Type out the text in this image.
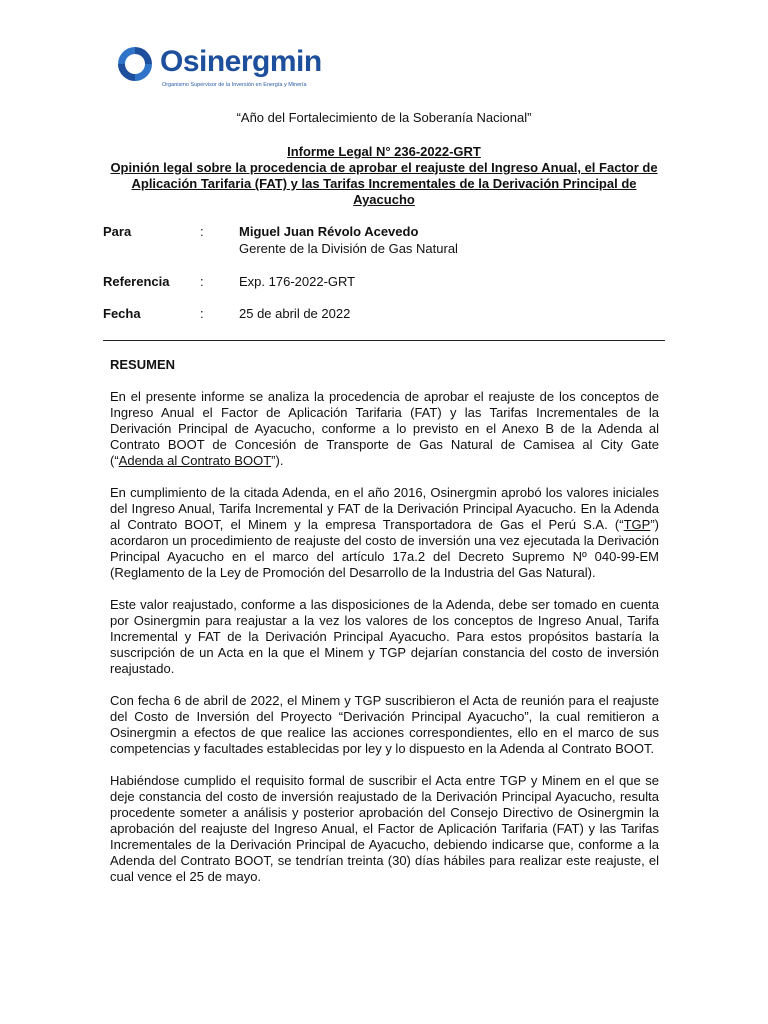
Osinergmin
Organismo Supervisor de la Inversión en Energía y Minería
“Año del Fortalecimiento de la Soberanía Nacional”
Informe Legal N° 236-2022-GRT
Opinión legal sobre la procedencia de aprobar el reajuste del Ingreso Anual, el Factor de
Aplicación Tarifaria (FAT) y las Tarifas Incrementales de la Derivación Principal de Ayacucho
Para	:	Miguel Juan Révolo Acevedo
Gerente de la División de Gas Natural
Referencia :	Exp. 176-2022-GRT
Fecha	:	25 de abril de 2022
RESUMEN

En el presente informe se analiza la procedencia de aprobar el reajuste de los conceptos de Ingreso Anual el Factor de Aplicación Tarifaria (FAT) y las Tarifas Incrementales de la Derivación Principal de Ayacucho, conforme a lo previsto en el Anexo B de la Adenda al Contrato BOOT de Concesión de Transporte de Gas Natural de Camisea al City Gate (“Adenda al Contrato BOOT”).

En cumplimiento de la citada Adenda, en el año 2016, Osinergmin aprobó los valores iniciales del Ingreso Anual, Tarifa Incremental y FAT de la Derivación Principal Ayacucho. En la Adenda al Contrato BOOT, el Minem y la empresa Transportadora de Gas el Perú S.A. (“TGP”) acordaron un procedimiento de reajuste del costo de inversión una vez ejecutada la Derivación Principal Ayacucho en el marco del artículo 17a.2 del Decreto Supremo Nº 040-99-EM (Reglamento de la Ley de Promoción del Desarrollo de la Industria del Gas Natural).

Este valor reajustado, conforme a las disposiciones de la Adenda, debe ser tomado en cuenta por Osinergmin para reajustar a la vez los valores de los conceptos de Ingreso Anual, Tarifa Incremental y FAT de la Derivación Principal Ayacucho. Para estos propósitos bastaría la suscripción de un Acta en la que el Minem y TGP dejarían constancia del costo de inversión reajustado.

Con fecha 6 de abril de 2022, el Minem y TGP suscribieron el Acta de reunión para el reajuste del Costo de Inversión del Proyecto “Derivación Principal Ayacucho”, la cual remitieron a Osinergmin a efectos de que realice las acciones correspondientes, ello en el marco de sus competencias y facultades establecidas por ley y lo dispuesto en la Adenda al Contrato BOOT.

Habiéndose cumplido el requisito formal de suscribir el Acta entre TGP y Minem en el que se deje constancia del costo de inversión reajustado de la Derivación Principal Ayacucho, resulta procedente someter a análisis y posterior aprobación del Consejo Directivo de Osinergmin la aprobación del reajuste del Ingreso Anual, el Factor de Aplicación Tarifaria (FAT) y las Tarifas Incrementales de la Derivación Principal de Ayacucho, debiendo indicarse que, conforme a la Adenda del Contrato BOOT, se tendrían treinta (30) días hábiles para realizar este reajuste, el cual vence el 25 de mayo.
